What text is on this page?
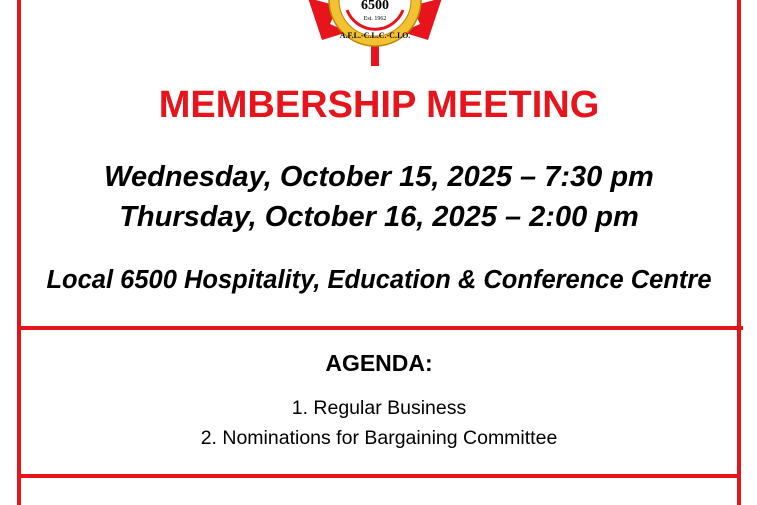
6500
Est. 1962
A.F.L.-C.L.C.-C.I.O.
MEMBERSHIP MEETING
Wednesday, October 15, 2025 – 7:30 pm
Thursday, October 16, 2025 – 2:00 pm
Local 6500 Hospitality, Education & Conference Centre
AGENDA:
1. Regular Business
2. Nominations for Bargaining Committee
